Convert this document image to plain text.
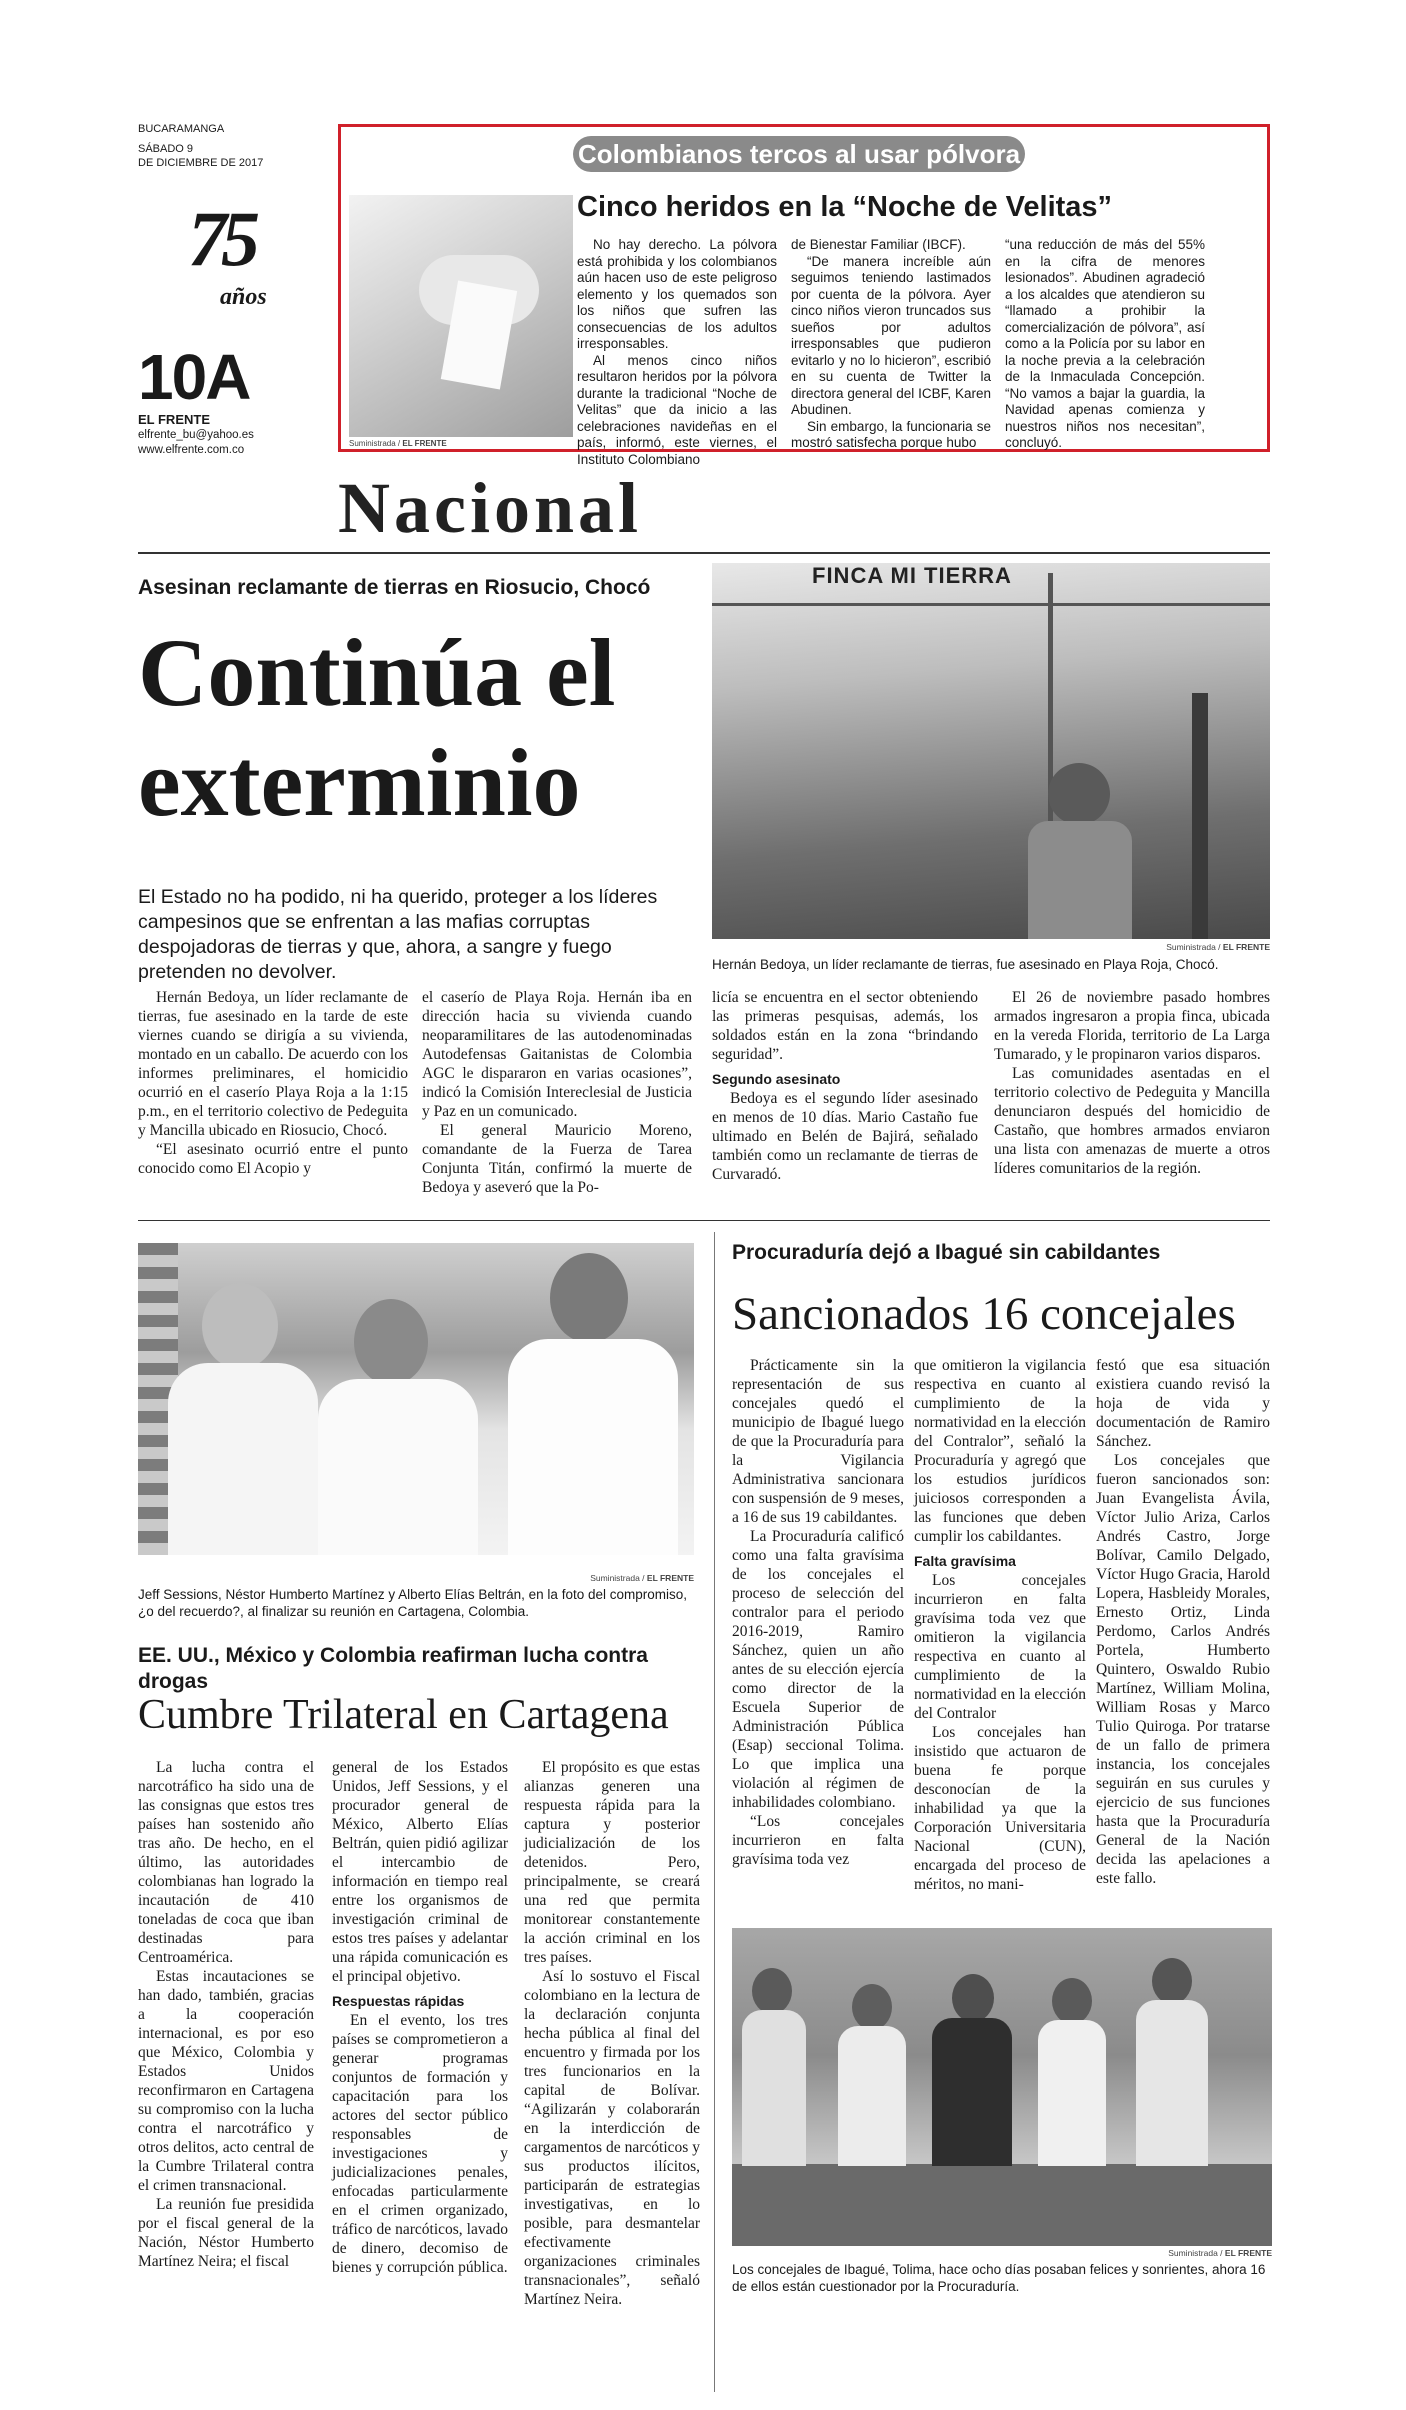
BUCARAMANGA
SÁBADO 9
DE DICIEMBRE DE 2017
75
años
10A
EL FRENTE
elfrente_bu@yahoo.es
www.elfrente.com.co
Colombianos tercos al usar pólvora
Suministrada / EL FRENTE
Cinco heridos en la “Noche de Velitas”

No hay derecho. La pólvora está prohibida y los colombianos aún hacen uso de este peligroso elemento y los quemados son los niños que sufren las consecuencias de los adultos irresponsables.

Al menos cinco niños resultaron heridos por la pólvora durante la tradicional “Noche de Velitas” que da inicio a las celebraciones navideñas en el país, informó, este viernes, el Instituto Colombiano

de Bienestar Familiar (IBCF).

“De manera increíble aún seguimos teniendo lastimados por cuenta de la pólvora. Ayer cinco niños vieron truncados sus sueños por adultos irresponsables que pudieron evitarlo y no lo hicieron”, escribió en su cuenta de Twitter la directora general del ICBF, Karen Abudinen.

Sin embargo, la funcionaria se mostró satisfecha porque hubo

“una reducción de más del 55% en la cifra de menores lesionados”. Abudinen agradeció a los alcaldes que atendieron su “llamado a prohibir la comercialización de pólvora”, así como a la Policía por su labor en la noche previa a la celebración de la Inmaculada Concepción. “No vamos a bajar la guardia, la Navidad apenas comienza y nuestros niños nos necesitan”, concluyó.

Nacional
Asesinan reclamante de tierras en Riosucio, Chocó
Continúa el
exterminio
El Estado no ha podido, ni ha querido, proteger a los líderes campesinos que se enfrentan a las mafias corruptas despojadoras de tierras y que, ahora, a sangre y fuego pretenden no devolver.
FINCA MI TIERRA
Suministrada / EL FRENTE
Hernán Bedoya, un líder reclamante de tierras, fue asesinado en Playa Roja, Chocó.

Hernán Bedoya, un líder reclamante de tierras, fue asesinado en la tarde de este viernes cuando se dirigía a su vivienda, montado en un caballo. De acuerdo con los informes preliminares, el homicidio ocurrió en el caserío Playa Roja a la 1:15 p.m., en el territorio colectivo de Pedeguita y Mancilla ubicado en Riosucio, Chocó.

“El asesinato ocurrió entre el punto conocido como El Acopio y

el caserío de Playa Roja. Hernán iba en dirección hacia su vivienda cuando neoparamilitares de las autodenominadas Autodefensas Gaitanistas de Colombia AGC le dispararon en varias ocasiones”, indicó la Comisión Intereclesial de Justicia y Paz en un comunicado.

El general Mauricio Moreno, comandante de la Fuerza de Tarea Conjunta Titán, confirmó la muerte de Bedoya y aseveró que la Po-

licía se encuentra en el sector obteniendo las primeras pesquisas, además, los soldados están en la zona “brindando seguridad”.

Segundo asesinato

Bedoya es el segundo líder asesinado en menos de 10 días. Mario Castaño fue ultimado en Belén de Bajirá, señalado también como un reclamante de tierras de Curvaradó.

El 26 de noviembre pasado hombres armados ingresaron a propia finca, ubicada en la vereda Florida, territorio de La Larga Tumarado, y le propinaron varios disparos.

Las comunidades asentadas en el territorio colectivo de Pedeguita y Mancilla denunciaron después del homicidio de Castaño, que hombres armados enviaron una lista con amenazas de muerte a otros líderes comunitarios de la región.

Suministrada / EL FRENTE
Jeff Sessions, Néstor Humberto Martínez y Alberto Elías Beltrán, en la foto del compromiso, ¿o del recuerdo?, al finalizar su reunión en Cartagena, Colombia.
EE. UU., México y Colombia reafirman lucha contra drogas
Cumbre Trilateral en Cartagena

La lucha contra el narcotráfico ha sido una de las consignas que estos tres países han sostenido año tras año. De hecho, en el último, las autoridades colombianas han logrado la incautación de 410 toneladas de coca que iban destinadas para Centroamérica.

Estas incautaciones se han dado, también, gracias a la cooperación internacional, es por eso que México, Colombia y Estados Unidos reconfirmaron en Cartagena su compromiso con la lucha contra el narcotráfico y otros delitos, acto central de la Cumbre Trilateral contra el crimen transnacional.

La reunión fue presidida por el fiscal general de la Nación, Néstor Humberto Martínez Neira; el fiscal

general de los Estados Unidos, Jeff Sessions, y el procurador general de México, Alberto Elías Beltrán, quien pidió agilizar el intercambio de información en tiempo real entre los organismos de investigación criminal de estos tres países y adelantar una rápida comunicación es el principal objetivo.

Respuestas rápidas

En el evento, los tres países se comprometieron a generar programas conjuntos de formación y capacitación para los actores del sector público responsables de investigaciones y judicializaciones penales, enfocadas particularmente en el crimen organizado, tráfico de narcóticos, lavado de dinero, decomiso de bienes y corrupción pública.

El propósito es que estas alianzas generen una respuesta rápida para la captura y posterior judicialización de los detenidos. Pero, principalmente, se creará una red que permita monitorear constantemente la acción criminal en los tres países.

Así lo sostuvo el Fiscal colombiano en la lectura de la declaración conjunta hecha pública al final del encuentro y firmada por los tres funcionarios en la capital de Bolívar. “Agilizarán y colaborarán en la interdicción de cargamentos de narcóticos y sus productos ilícitos, participarán de estrategias investigativas, en lo posible, para desmantelar efectivamente organizaciones criminales transnacionales”, señaló Martínez Neira.

Procuraduría dejó a Ibagué sin cabildantes
Sancionados 16 concejales

Prácticamente sin la representación de sus concejales quedó el municipio de Ibagué luego de que la Procuraduría para la Vigilancia Administrativa sancionara con suspensión de 9 meses, a 16 de sus 19 cabildantes.

La Procuraduría calificó como una falta gravísima de los concejales el proceso de selección del contralor para el periodo 2016-2019, Ramiro Sánchez, quien un año antes de su elección ejercía como director de la Escuela Superior de Administración Pública (Esap) seccional Tolima. Lo que implica una violación al régimen de inhabilidades colombiano.

“Los concejales incurrieron en falta gravísima toda vez

que omitieron la vigilancia respectiva en cuanto al cumplimiento de la normatividad en la elección del Contralor”, señaló la Procuraduría y agregó que los estudios jurídicos juiciosos corresponden a las funciones que deben cumplir los cabildantes.

Falta gravísima

Los concejales incurrieron en falta gravísima toda vez que omitieron la vigilancia respectiva en cuanto al cumplimiento de la normatividad en la elección del Contralor

Los concejales han insistido que actuaron de buena fe porque desconocían de la inhabilidad ya que la Corporación Universitaria Nacional (CUN), encargada del proceso de méritos, no mani-

festó que esa situación existiera cuando revisó la hoja de vida y documentación de Ramiro Sánchez.

Los concejales que fueron sancionados son: Juan Evangelista Ávila, Víctor Julio Ariza, Carlos Andrés Castro, Jorge Bolívar, Camilo Delgado, Víctor Hugo Gracia, Harold Lopera, Hasbleidy Morales, Ernesto Ortiz, Linda Perdomo, Carlos Andrés Portela, Humberto Quintero, Oswaldo Rubio Martínez, William Molina, William Rosas y Marco Tulio Quiroga. Por tratarse de un fallo de primera instancia, los concejales seguirán en sus curules y ejercicio de sus funciones hasta que la Procuraduría General de la Nación decida las apelaciones a este fallo.

Suministrada / EL FRENTE
Los concejales de Ibagué, Tolima, hace ocho días posaban felices y sonrientes, ahora 16 de ellos están cuestionador por la Procuraduría.
